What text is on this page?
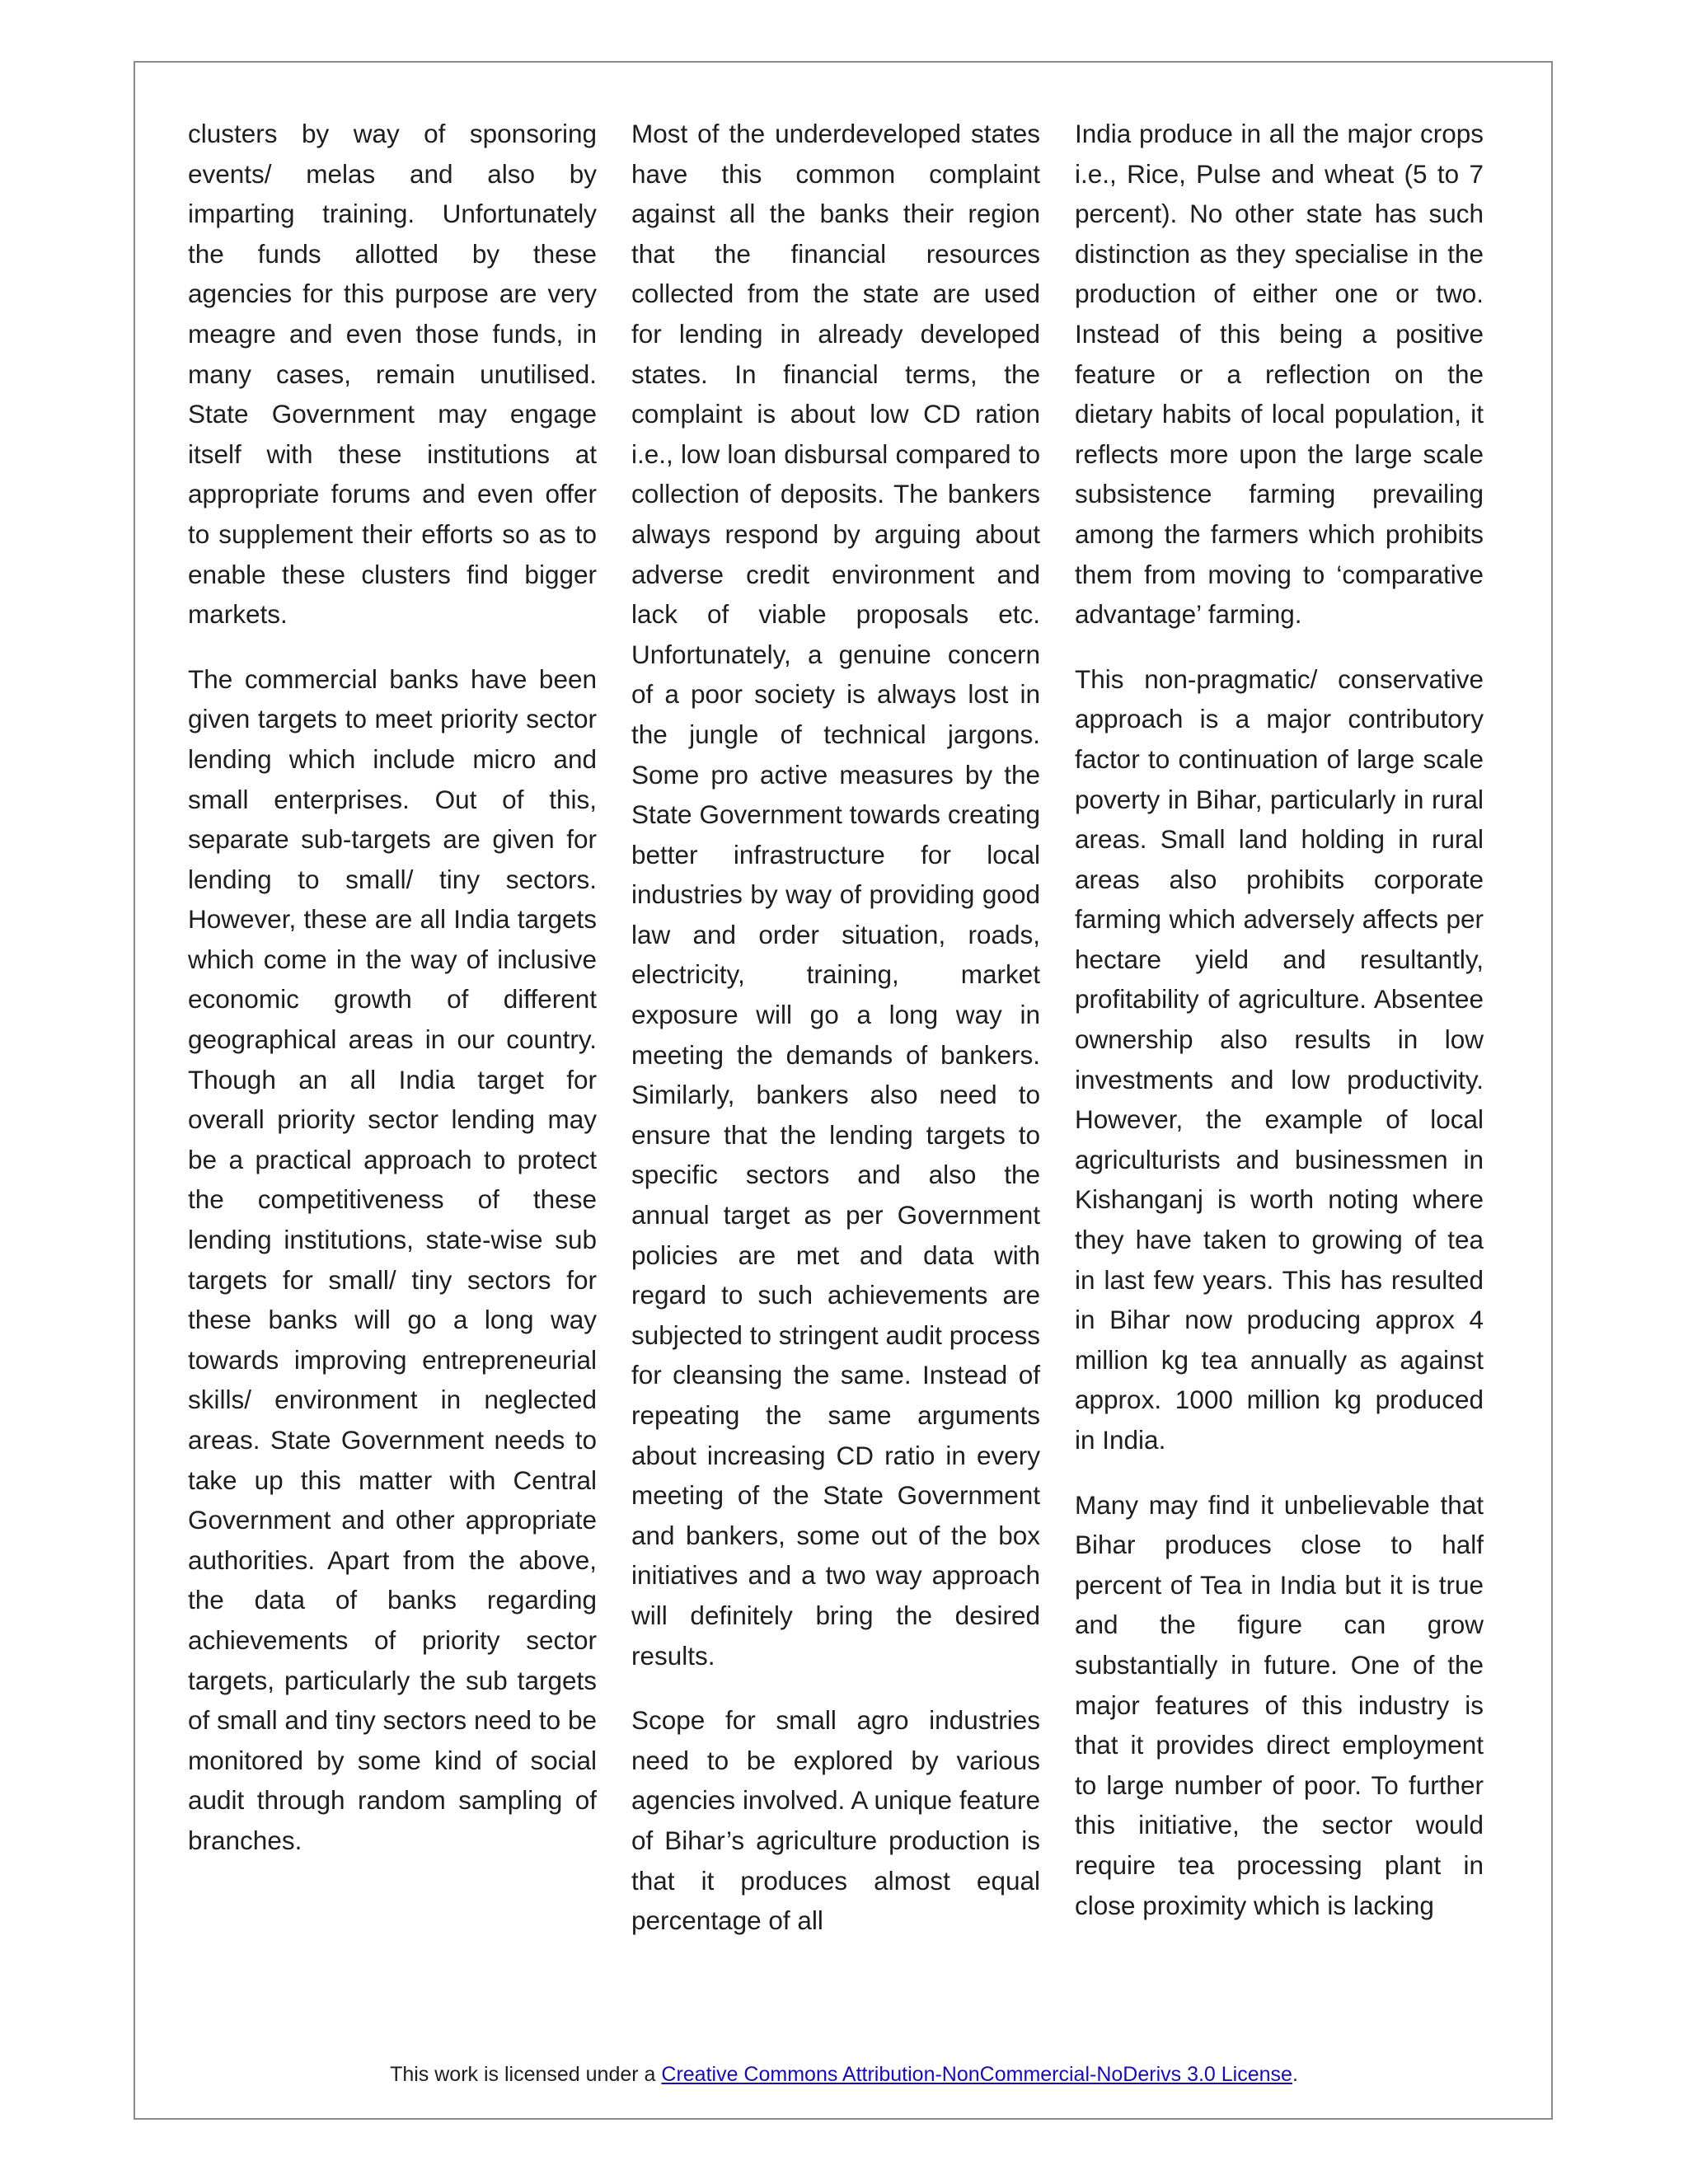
clusters by way of sponsoring events/ melas and also by imparting training. Unfortunately the funds allotted by these agencies for this purpose are very meagre and even those funds, in many cases, remain unutilised. State Government may engage itself with these institutions at appropriate forums and even offer to supplement their efforts so as to enable these clusters find bigger markets.

The commercial banks have been given targets to meet priority sector lending which include micro and small enterprises. Out of this, separate sub-targets are given for lending to small/ tiny sectors. However, these are all India targets which come in the way of inclusive economic growth of different geographical areas in our country. Though an all India target for overall priority sector lending may be a practical approach to protect the competitiveness of these lending institutions, state-wise sub targets for small/ tiny sectors for these banks will go a long way towards improving entrepreneurial skills/ environment in neglected areas. State Government needs to take up this matter with Central Government and other appropriate authorities. Apart from the above, the data of banks regarding achievements of priority sector targets, particularly the sub targets of small and tiny sectors need to be monitored by some kind of social audit through random sampling of branches.

Most of the underdeveloped states have this common complaint against all the banks their region that the financial resources collected from the state are used for lending in already developed states. In financial terms, the complaint is about low CD ration i.e., low loan disbursal compared to collection of deposits. The bankers always respond by arguing about adverse credit environment and lack of viable proposals etc. Unfortunately, a genuine concern of a poor society is always lost in the jungle of technical jargons. Some pro active measures by the State Government towards creating better infrastructure for local industries by way of providing good law and order situation, roads, electricity, training, market exposure will go a long way in meeting the demands of bankers. Similarly, bankers also need to ensure that the lending targets to specific sectors and also the annual target as per Government policies are met and data with regard to such achievements are subjected to stringent audit process for cleansing the same. Instead of repeating the same arguments about increasing CD ratio in every meeting of the State Government and bankers, some out of the box initiatives and a two way approach will definitely bring the desired results.

Scope for small agro industries need to be explored by various agencies involved. A unique feature of Bihar’s agriculture production is that it produces almost equal percentage of all

India produce in all the major crops i.e., Rice, Pulse and wheat (5 to 7 percent). No other state has such distinction as they specialise in the production of either one or two. Instead of this being a positive feature or a reflection on the dietary habits of local population, it reflects more upon the large scale subsistence farming prevailing among the farmers which prohibits them from moving to ‘comparative advantage’ farming.

This non-pragmatic/ conservative approach is a major contributory factor to continuation of large scale poverty in Bihar, particularly in rural areas. Small land holding in rural areas also prohibits corporate farming which adversely affects per hectare yield and resultantly, profitability of agriculture. Absentee ownership also results in low investments and low productivity. However, the example of local agriculturists and businessmen in Kishanganj is worth noting where they have taken to growing of tea in last few years. This has resulted in Bihar now producing approx 4 million kg tea annually as against approx. 1000 million kg produced in India.

Many may find it unbelievable that Bihar produces close to half percent of Tea in India but it is true and the figure can grow substantially in future. One of the major features of this industry is that it provides direct employment to large number of poor. To further this initiative, the sector would require tea processing plant in close proximity which is lacking

This work is licensed under a Creative Commons Attribution-NonCommercial-NoDerivs 3.0 License.
